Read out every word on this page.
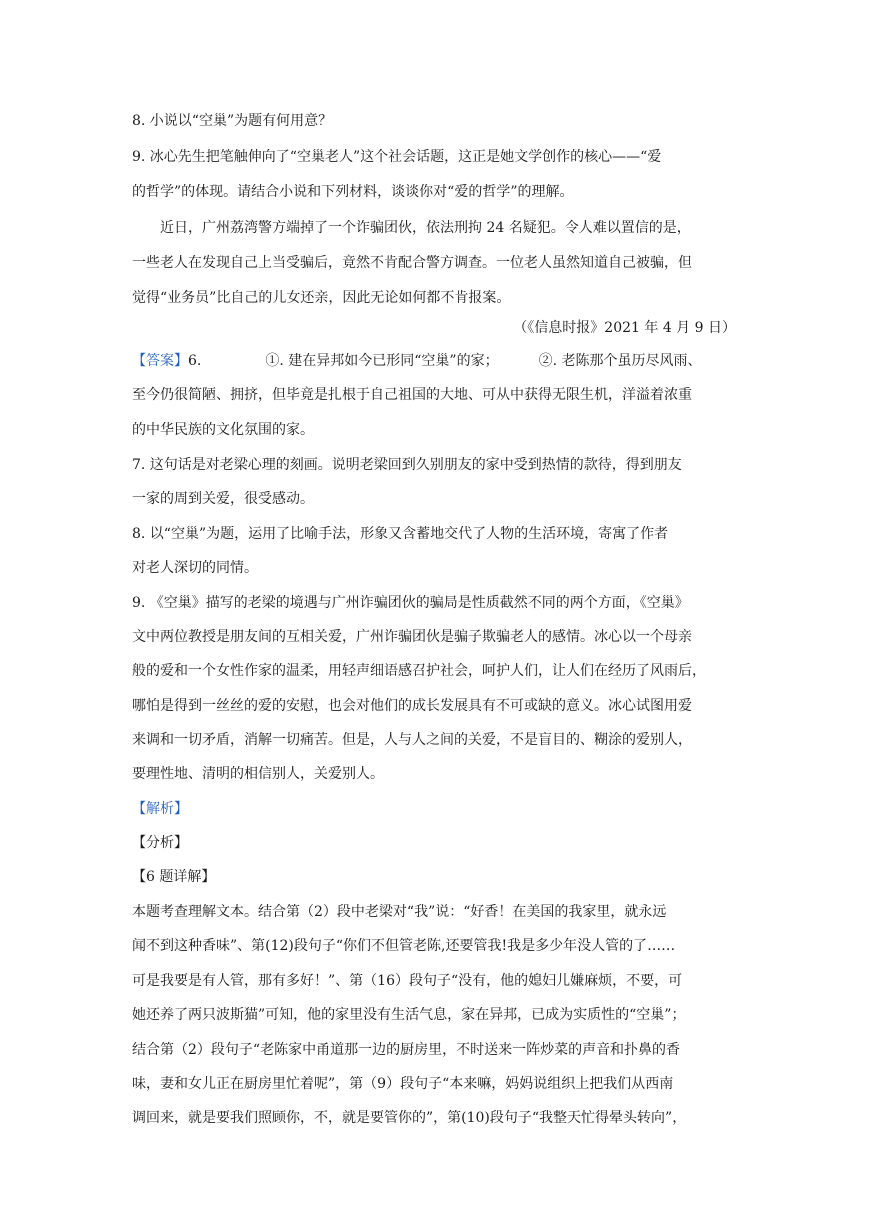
8. 小说以“空巢”为题有何用意？
9. 冰心先生把笔触伸向了“空巢老人”这个社会话题，这正是她文学创作的核心——“爱
的哲学”的体现。请结合小说和下列材料，谈谈你对“爱的哲学”的理解。
近日，广州荔湾警方端掉了一个诈骗团伙，依法刑拘 24 名疑犯。令人难以置信的是，
一些老人在发现自己上当受骗后，竟然不肯配合警方调查。一位老人虽然知道自己被骗，但
觉得“业务员”比自己的儿女还亲，因此无论如何都不肯报案。
（《信息时报》2021 年 4 月 9 日）
【答案】6.	①. 建在异邦如今已形同“空巢”的家；	②. 老陈那个虽历尽风雨、
至今仍很简陋、拥挤，但毕竟是扎根于自己祖国的大地、可从中获得无限生机，洋溢着浓重
的中华民族的文化氛围的家。
7. 这句话是对老梁心理的刻画。说明老梁回到久别朋友的家中受到热情的款待，得到朋友
一家的周到关爱，很受感动。
8. 以“空巢”为题，运用了比喻手法，形象又含蓄地交代了人物的生活环境，寄寓了作者
对老人深切的同情。
9. 《空巢》描写的老梁的境遇与广州诈骗团伙的骗局是性质截然不同的两个方面，《空巢》
文中两位教授是朋友间的互相关爱，广州诈骗团伙是骗子欺骗老人的感情。冰心以一个母亲
般的爱和一个女性作家的温柔，用轻声细语感召护社会，呵护人们，让人们在经历了风雨后，
哪怕是得到一丝丝的爱的安慰，也会对他们的成长发展具有不可或缺的意义。冰心试图用爱
来调和一切矛盾，消解一切痛苦。但是，人与人之间的关爱，不是盲目的、糊涂的爱别人，
要理性地、清明的相信别人，关爱别人。
【解析】
【分析】
【6 题详解】
本题考查理解文本。结合第（2）段中老梁对“我”说：“好香！在美国的我家里，就永远
闻不到这种香味”、第(12)段句子“你们不但管老陈,还要管我!我是多少年没人管的了……
可是我要是有人管，那有多好！”、第（16）段句子“没有，他的媳妇儿嫌麻烦，不要，可
她还养了两只波斯猫”可知，他的家里没有生活气息，家在异邦，已成为实质性的“空巢”；
结合第（2）段句子“老陈家中甬道那一边的厨房里，不时送来一阵炒菜的声音和扑鼻的香
味，妻和女儿正在厨房里忙着呢”，第（9）段句子“本来嘛，妈妈说组织上把我们从西南
调回来，就是要我们照顾你，不，就是要管你的”，第(10)段句子“我整天忙得晕头转向”，
